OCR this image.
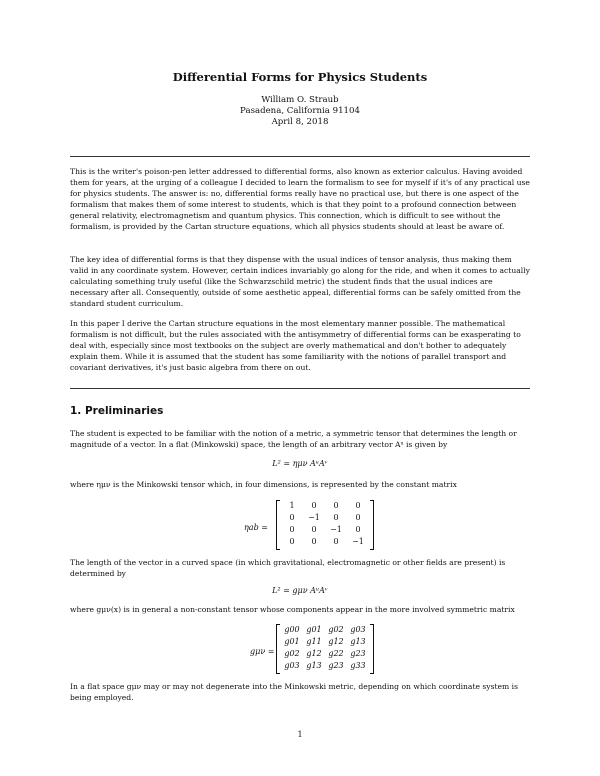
Differential Forms for Physics Students
William O. Straub
Pasadena, California 91104
April 8, 2018

This is the writer's poison-pen letter addressed to differential forms, also known as exterior calculus. Having avoided them for years, at the urging of a colleague I decided to learn the formalism to see for myself if it's of any practical use for physics students. The answer is: no, differential forms really have no practical use, but there is one aspect of the formalism that makes them of some interest to students, which is that they point to a profound connection between general relativity, electromagnetism and quantum physics. This connection, which is difficult to see without the formalism, is provided by the Cartan structure equations, which all physics students should at least be aware of.

The key idea of differential forms is that they dispense with the usual indices of tensor analysis, thus making them valid in any coordinate system. However, certain indices invariably go along for the ride, and when it comes to actually calculating something truly useful (like the Schwarzschild metric) the student finds that the usual indices are necessary after all. Consequently, outside of some aesthetic appeal, differential forms can be safely omitted from the standard student curriculum.

In this paper I derive the Cartan structure equations in the most elementary manner possible. The mathematical formalism is not difficult, but the rules associated with the antisymmetry of differential forms can be exasperating to deal with, especially since most textbooks on the subject are overly mathematical and don't bother to adequately explain them. While it is assumed that the student has some familiarity with the notions of parallel transport and covariant derivatives, it's just basic algebra from there on out.

1. Preliminaries

The student is expected to be familiar with the notion of a metric, a symmetric tensor that determines the length or magnitude of a vector. In a flat (Minkowski) space, the length of an arbitrary vector Aᵘ is given by

L² = ημν AᵘAᵛ

where ημν is the Minkowski tensor which, in four dimensions, is represented by the constant matrix

ηab =
1	0	0	0
0	−1	0	0
0	0	−1	0
0	0	0	−1

The length of the vector in a curved space (in which gravitational, electromagnetic or other fields are present) is determined by

L² = gμν AᵘAᵛ

where gμν(x) is in general a non-constant tensor whose components appear in the more involved symmetric matrix

gμν =
g00 g01 g02 g03
g01 g11 g12 g13
g02 g12 g22 g23
g03 g13 g23 g33

In a flat space gμν may or may not degenerate into the Minkowski metric, depending on which coordinate system is being employed.

1
